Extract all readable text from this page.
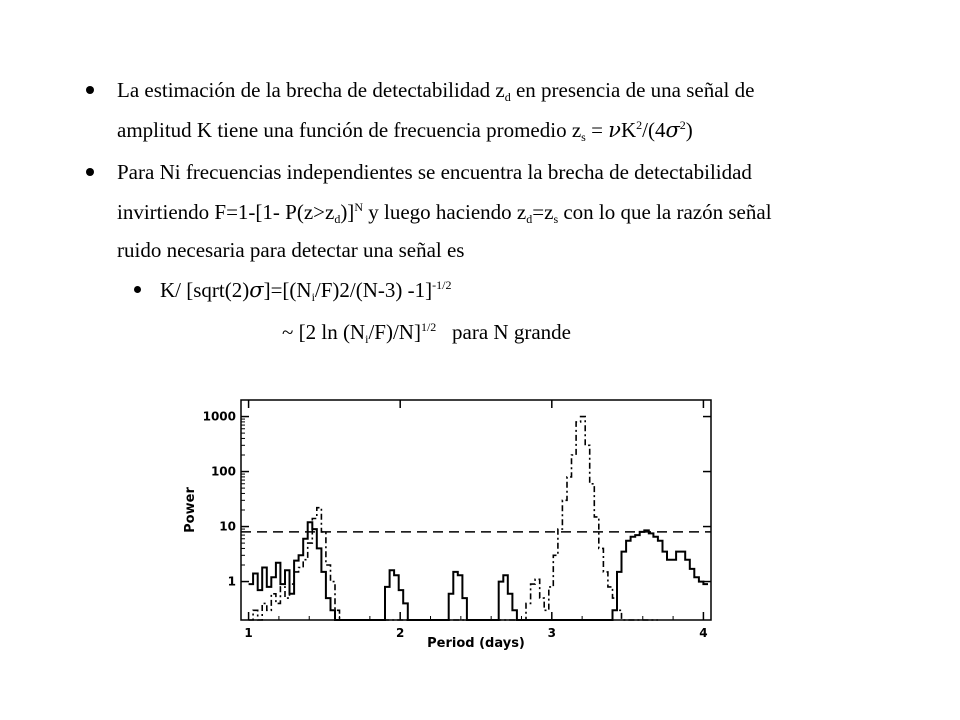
La estimación de la brecha de detectabilidad $z_d$ en presencia de una señal de
amplitud K tiene una función de frecuencia promedio $z_s = \nu K^2/(4\sigma^2)$
Para Ni frecuencias independientes se encuentra la brecha de detectabilidad
invirtiendo F=1-[1- $P(z>z_d)]^N$ y luego haciendo $z_d=z_s$ con lo que la razón señal
ruido necesaria para detectar una señal es
K/ $[sqrt(2)\sigma]=[(N_i/F)2/(N-3)$ -1]$^{-1/2}$
~ [2 $\ln (N_i/F)/N]^{1/2}$   para N grande
1	2	3	4
1
10
100
1000
Power
Period (days)
